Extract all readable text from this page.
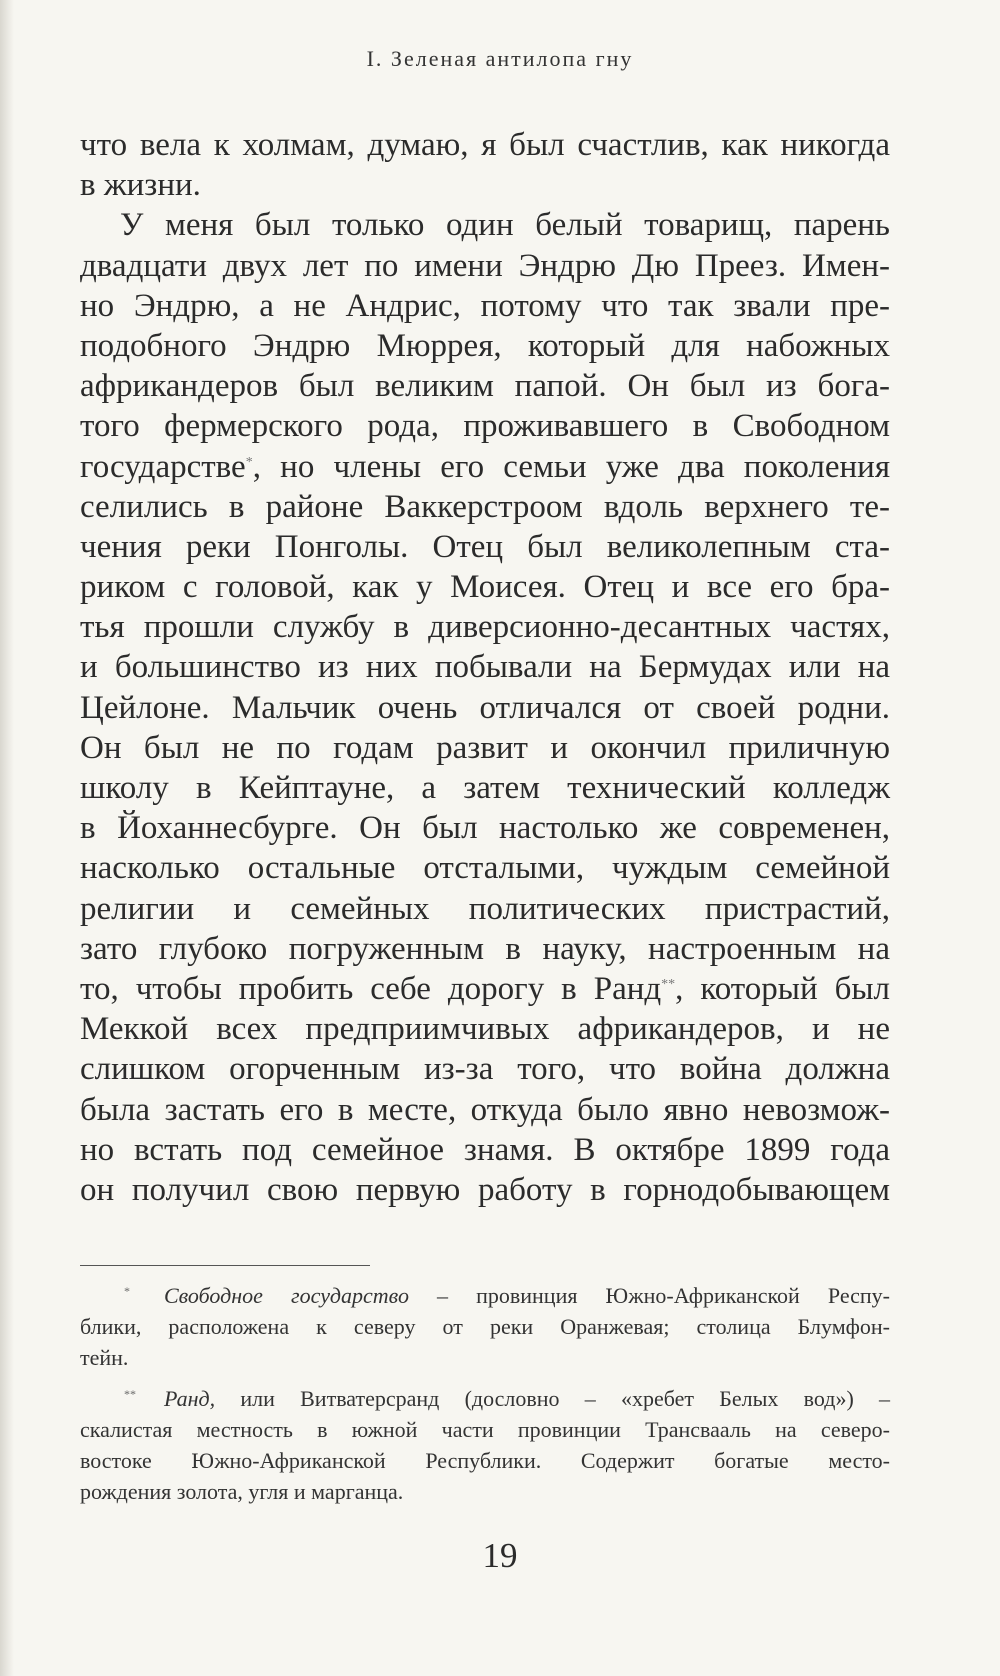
I. Зеленая антилопа гну
что вела к холмам, думаю, я был счастлив, как никогда
в жизни.
У меня был только один белый товарищ, парень
двадцати двух лет по имени Эндрю Дю Преез. Имен-
но Эндрю, а не Андрис, потому что так звали пре-
подобного Эндрю Мюррея, который для набожных
африкандеров был великим папой. Он был из бога-
того фермерского рода, проживавшего в Свободном
государстве*, но члены его семьи уже два поколения
селились в районе Ваккерстроом вдоль верхнего те-
чения реки Понголы. Отец был великолепным ста-
риком с головой, как у Моисея. Отец и все его бра-
тья прошли службу в диверсионно-десантных частях,
и большинство из них побывали на Бермудах или на
Цейлоне. Мальчик очень отличался от своей родни.
Он был не по годам развит и окончил приличную
школу в Кейптауне, а затем технический колледж
в Йоханнесбурге. Он был настолько же современен,
насколько остальные отсталыми, чуждым семейной
религии и семейных политических пристрастий,
зато глубоко погруженным в науку, настроенным на
то, чтобы пробить себе дорогу в Ранд**, который был
Меккой всех предприимчивых африкандеров, и не
слишком огорченным из-за того, что война должна
была застать его в месте, откуда было явно невозмож-
но встать под семейное знамя. В октябре 1899 года
он получил свою первую работу в горнодобывающем
* Свободное государство – провинция Южно-Африканской Респу-
блики, расположена к северу от реки Оранжевая; столица Блумфон-
тейн.
** Ранд, или Витватерсранд (дословно – «хребет Белых вод») –
скалистая местность в южной части провинции Трансвааль на северо-
востоке Южно-Африканской Республики. Содержит богатые место-
рождения золота, угля и марганца.
19
